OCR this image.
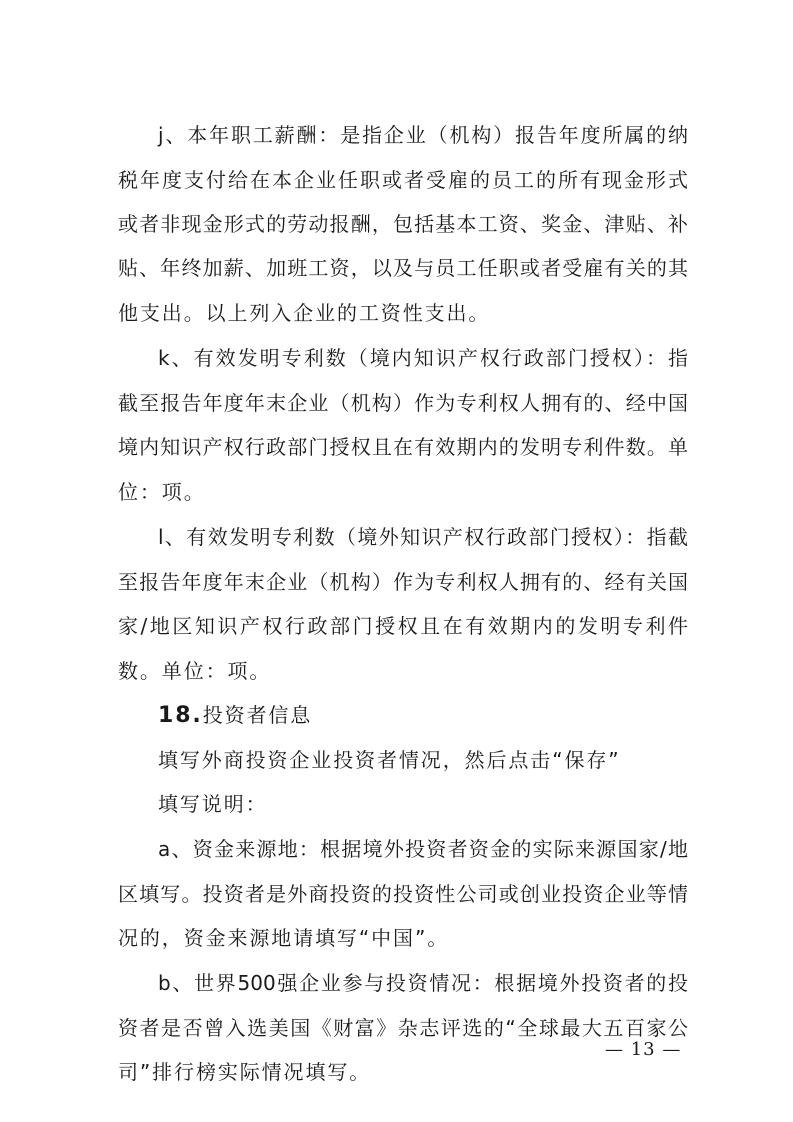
j、本年职工薪酬：是指企业（机构）报告年度所属的纳
税年度支付给在本企业任职或者受雇的员工的所有现金形式
或者非现金形式的劳动报酬，包括基本工资、奖金、津贴、补
贴、年终加薪、加班工资，以及与员工任职或者受雇有关的其
他支出。以上列入企业的工资性支出。
k、有效发明专利数（境内知识产权行政部门授权）：指
截至报告年度年末企业（机构）作为专利权人拥有的、经中国
境内知识产权行政部门授权且在有效期内的发明专利件数。单
位：项。
l、有效发明专利数（境外知识产权行政部门授权）：指截
至报告年度年末企业（机构）作为专利权人拥有的、经有关国
家/地区知识产权行政部门授权且在有效期内的发明专利件
数。单位：项。
18.投资者信息
填写外商投资企业投资者情况，然后点击“保存”
填写说明：
a、资金来源地：根据境外投资者资金的实际来源国家/地
区填写。投资者是外商投资的投资性公司或创业投资企业等情
况的，资金来源地请填写“中国”。
b、世界500强企业参与投资情况：根据境外投资者的投
资者是否曾入选美国《财富》杂志评选的“全球最大五百家公
司”排行榜实际情况填写。
— 13 —
